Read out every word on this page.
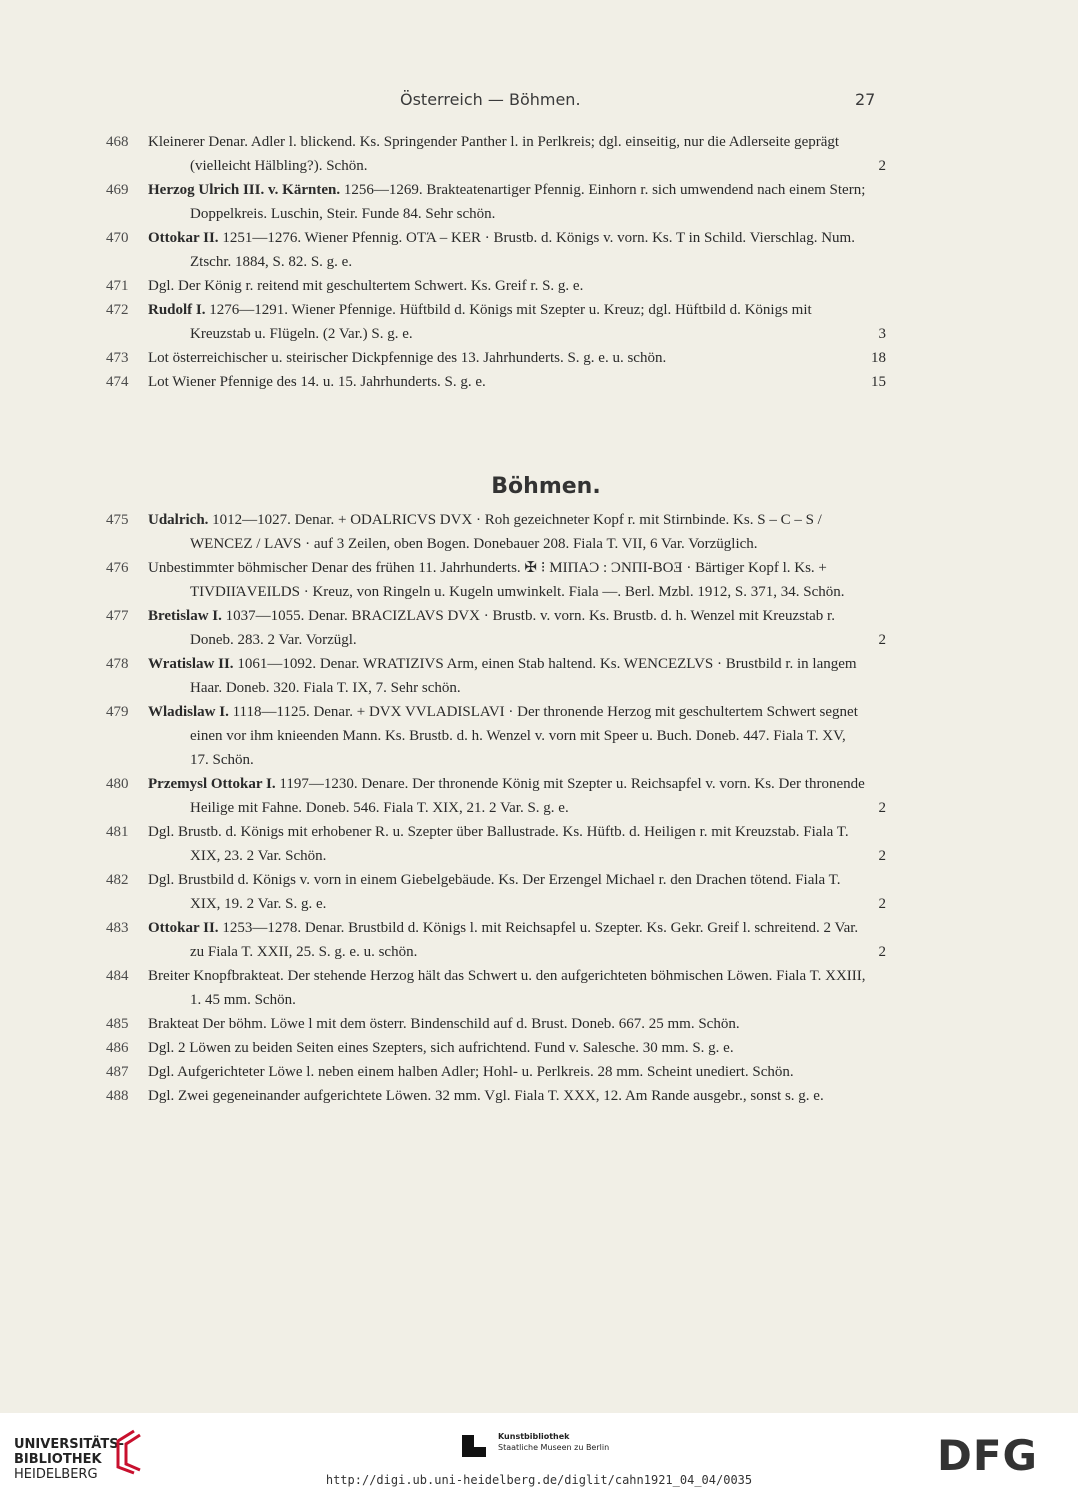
Österreich — Böhmen.	27
468	Kleinerer Denar. Adler l. blickend. Ks. Springender Panther l. in Perlkreis; dgl. einseitig, nur die Adlerseite geprägt (vielleicht Hälbling?). Schön.	2
469	Herzog Ulrich III. v. Kärnten. 1256—1269. Brakteatenartiger Pfennig. Einhorn r. sich umwendend nach einem Stern; Doppelkreis. Luschin, Steir. Funde 84. Sehr schön.
470	Ottokar II. 1251—1276. Wiener Pfennig. OTΆ – KER · Brustb. d. Königs v. vorn. Ks. T in Schild. Vierschlag. Num. Ztschr. 1884, S. 82. S. g. e.
471	Dgl. Der König r. reitend mit geschultertem Schwert. Ks. Greif r. S. g. e.
472	Rudolf I. 1276—1291. Wiener Pfennige. Hüftbild d. Königs mit Szepter u. Kreuz; dgl. Hüftbild d. Königs mit Kreuzstab u. Flügeln. (2 Var.) S. g. e.	3
473	Lot österreichischer u. steirischer Dickpfennige des 13. Jahrhunderts. S. g. e. u. schön.	18
474	Lot Wiener Pfennige des 14. u. 15. Jahrhunderts. S. g. e.	15
Böhmen.
475	Udalrich. 1012—1027. Denar. + ODALRICVS DVX · Roh gezeichneter Kopf r. mit Stirnbinde. Ks. S – C – S / WENCEZ / LAVS · auf 3 Zeilen, oben Bogen. Donebauer 208. Fiala T. VII, 6 Var. Vorzüglich.
476	Unbestimmter böhmischer Denar des frühen 11. Jahrhunderts. ✠ ⁝ MIΠAƆ : ƆNΠI-BOƎ · Bärtiger Kopf l. Ks. + TIVDIIΆVEILDS · Kreuz, von Ringeln u. Kugeln umwinkelt. Fiala —. Berl. Mzbl. 1912, S. 371, 34. Schön.
477	Bretislaw I. 1037—1055. Denar. BRACIZLAVS DVX · Brustb. v. vorn. Ks. Brustb. d. h. Wenzel mit Kreuzstab r. Doneb. 283. 2 Var. Vorzügl.	2
478	Wratislaw II. 1061—1092. Denar. WRATIZIVS Arm, einen Stab haltend. Ks. WENCEZLVS · Brustbild r. in langem Haar. Doneb. 320. Fiala T. IX, 7. Sehr schön.
479	Wladislaw I. 1118—1125. Denar. + DVX VVLADISLAVI · Der thronende Herzog mit geschultertem Schwert segnet einen vor ihm knieenden Mann. Ks. Brustb. d. h. Wenzel v. vorn mit Speer u. Buch. Doneb. 447. Fiala T. XV, 17. Schön.
480	Przemysl Ottokar I. 1197—1230. Denare. Der thronende König mit Szepter u. Reichsapfel v. vorn. Ks. Der thronende Heilige mit Fahne. Doneb. 546. Fiala T. XIX, 21. 2 Var. S. g. e.	2
481	Dgl. Brustb. d. Königs mit erhobener R. u. Szepter über Ballustrade. Ks. Hüftb. d. Heiligen r. mit Kreuzstab. Fiala T. XIX, 23. 2 Var. Schön.	2
482	Dgl. Brustbild d. Königs v. vorn in einem Giebelgebäude. Ks. Der Erzengel Michael r. den Drachen tötend. Fiala T. XIX, 19. 2 Var. S. g. e.	2
483	Ottokar II. 1253—1278. Denar. Brustbild d. Königs l. mit Reichsapfel u. Szepter. Ks. Gekr. Greif l. schreitend. 2 Var. zu Fiala T. XXII, 25. S. g. e. u. schön.	2
484	Breiter Knopfbrakteat. Der stehende Herzog hält das Schwert u. den aufgerichteten böhmischen Löwen. Fiala T. XXIII, 1. 45 mm. Schön.
485	Brakteat Der böhm. Löwe l mit dem österr. Bindenschild auf d. Brust. Doneb. 667. 25 mm. Schön.
486	Dgl. 2 Löwen zu beiden Seiten eines Szepters, sich aufrichtend. Fund v. Salesche. 30 mm. S. g. e.
487	Dgl. Aufgerichteter Löwe l. neben einem halben Adler; Hohl- u. Perlkreis. 28 mm. Scheint unediert. Schön.
488	Dgl. Zwei gegeneinander aufgerichtete Löwen. 32 mm. Vgl. Fiala T. XXX, 12. Am Rande ausgebr., sonst s. g. e.
UNIVERSITÄTS-
BIBLIOTHEK
HEIDELBERG
Kunstbibliothek
Staatliche Museen zu Berlin	DFG
http://digi.ub.uni-heidelberg.de/diglit/cahn1921_04_04/0035
